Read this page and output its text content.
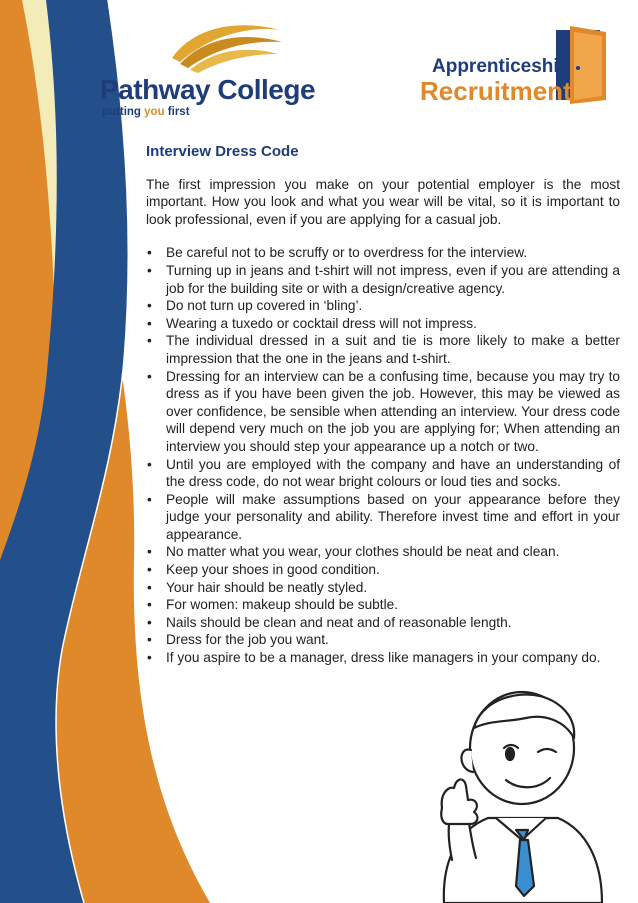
Pathway College
putting you first
Apprenticeship
Recruitment
Interview Dress Code

The first impression you make on your potential employer is the most important. How you look and what you wear will be vital, so it is important to look professional, even if you are applying for a casual job.

• Be careful not to be scruffy or to overdress for the interview.
• Turning up in jeans and t-shirt will not impress, even if you are attending a job for the building site or with a design/creative agency.
• Do not turn up covered in ‘bling’.
• Wearing a tuxedo or cocktail dress will not impress.
• The individual dressed in a suit and tie is more likely to make a better impression that the one in the jeans and t-shirt.
• Dressing for an interview can be a confusing time, because you may try to dress as if you have been given the job. However, this may be viewed as over confidence, be sensible when attending an interview. Your dress code will depend very much on the job you are applying for; When attending an interview you should step your appearance up a notch or two.
• Until you are employed with the company and have an understanding of the dress code, do not wear bright colours or loud ties and socks.
• People will make assumptions based on your appearance before they judge your personality and ability. Therefore invest time and effort in your appearance.
• No matter what you wear, your clothes should be neat and clean.
• Keep your shoes in good condition.
• Your hair should be neatly styled.
• For women: makeup should be subtle.
• Nails should be clean and neat and of reasonable length.
• Dress for the job you want.
• If you aspire to be a manager, dress like managers in your company do.
